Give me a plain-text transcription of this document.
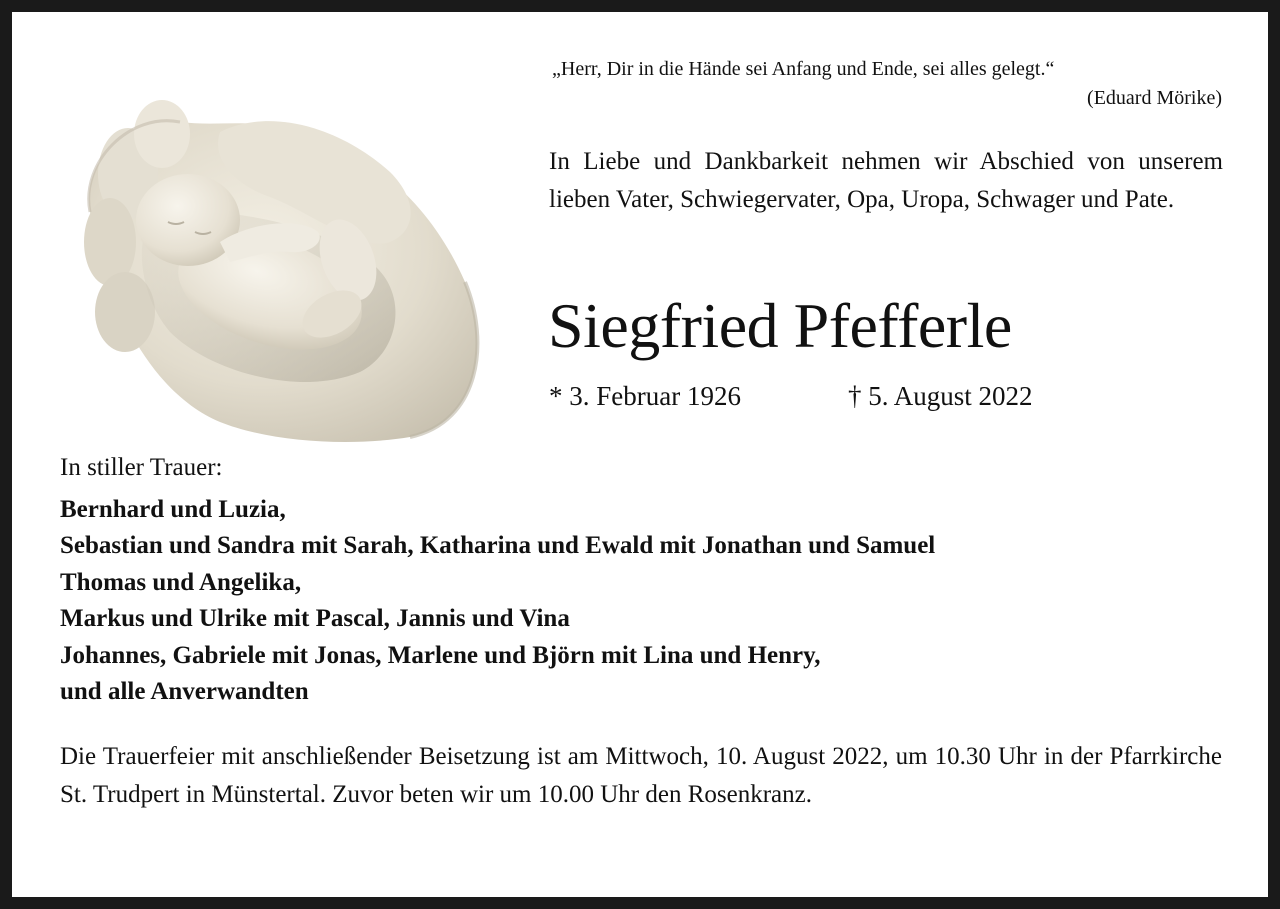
„Herr, Dir in die Hände sei Anfang und Ende, sei alles gelegt.“
(Eduard Mörike)
In Liebe und Dankbarkeit nehmen wir Abschied von unserem lieben Vater, Schwiegervater, Opa, Uropa, Schwager und Pate.
Siegfried Pfefferle
* 3. Februar 1926	† 5. August 2022
In stiller Trauer:
Bernhard und Luzia,
Sebastian und Sandra mit Sarah, Katharina und Ewald mit Jonathan und Samuel
Thomas und Angelika,
Markus und Ulrike mit Pascal, Jannis und Vina
Johannes, Gabriele mit Jonas, Marlene und Björn mit Lina und Henry,
und alle Anverwandten
Die Trauerfeier mit anschließender Beisetzung ist am Mittwoch, 10. August 2022, um 10.30 Uhr in der Pfarrkirche St. Trudpert in Münstertal. Zuvor beten wir um 10.00 Uhr den Rosenkranz.
